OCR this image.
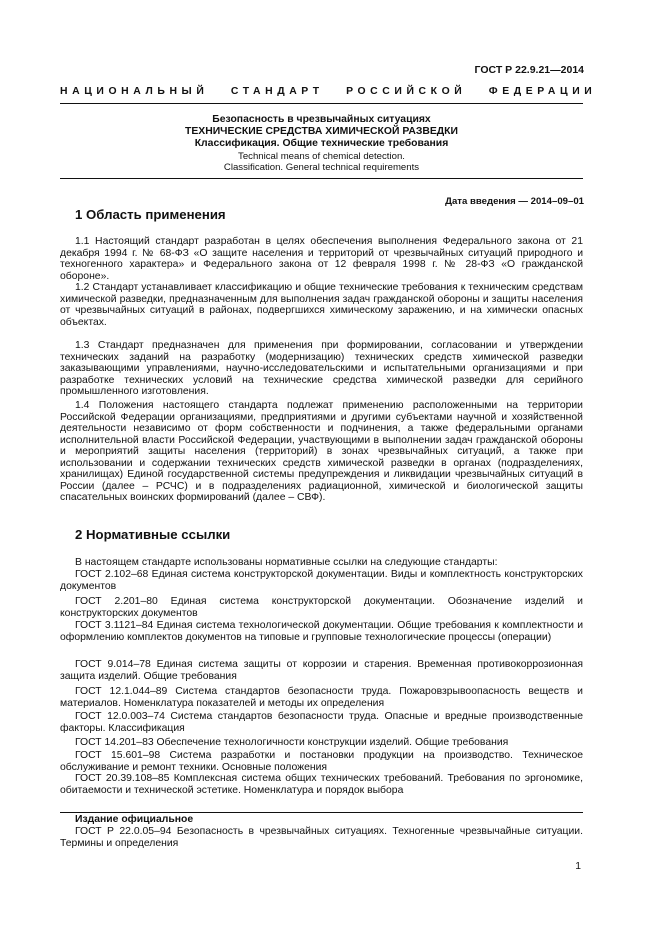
ГОСТ Р 22.9.21—2014
НАЦИОНАЛЬНЫЙ   СТАНДАРТ   РОССИЙСКОЙ   ФЕДЕРАЦИИ
Безопасность в чрезвычайных ситуациях
ТЕХНИЧЕСКИЕ СРЕДСТВА ХИМИЧЕСКОЙ РАЗВЕДКИ
Классификация. Общие технические требования
Technical means of chemical detection.
Classification. General technical requirements
Дата введения — 2014–09–01
1 Область применения

1.1 Настоящий стандарт разработан в целях обеспечения выполнения Федерального закона от 21 декабря 1994 г. № 68-ФЗ «О защите населения и территорий от чрезвычайных ситуаций природного и техногенного характера» и Федерального закона от 12 февраля 1998 г. № 28-ФЗ «О гражданской обороне».

1.2 Стандарт устанавливает классификацию и общие технические требования к техническим средствам химической разведки, предназначенным для выполнения задач гражданской обороны и защиты населения от чрезвычайных ситуаций в районах, подвергшихся химическому заражению, и на химически опасных объектах.

1.3 Стандарт предназначен для применения при формировании, согласовании и утверждении технических заданий на разработку (модернизацию) технических средств химической разведки заказывающими управлениями, научно-исследовательскими и испытательными организациями и при разработке технических условий на технические средства химической разведки для серийного промышленного изготовления.

1.4 Положения настоящего стандарта подлежат применению расположенными на территории Российской Федерации организациями, предприятиями и другими субъектами научной и хозяйственной деятельности независимо от форм собственности и подчинения, а также федеральными органами исполнительной власти Российской Федерации, участвующими в выполнении задач гражданской обороны и мероприятий защиты населения (территорий) в зонах чрезвычайных ситуаций, а также при использовании и содержании технических средств химической разведки в органах (подразделениях, хранилищах) Единой государственной системы предупреждения и ликвидации чрезвычайных ситуаций в России (далее – РСЧС) и в подразделениях радиационной, химической и биологической защиты спасательных воинских формирований (далее – СВФ).

2 Нормативные ссылки

В настоящем стандарте использованы нормативные ссылки на следующие стандарты:

ГОСТ 2.102–68 Единая система конструкторской документации. Виды и комплектность конструкторских документов

ГОСТ 2.201–80 Единая система конструкторской документации. Обозначение изделий и конструкторских документов

ГОСТ 3.1121–84 Единая система технологической документации. Общие требования к комплектности и оформлению комплектов документов на типовые и групповые технологические процессы (операции)

ГОСТ 9.014–78 Единая система защиты от коррозии и старения. Временная противокоррозионная защита изделий. Общие требования

ГОСТ 12.1.044–89 Система стандартов безопасности труда. Пожаровзрывоопасность веществ и материалов. Номенклатура показателей и методы их определения

ГОСТ 12.0.003–74 Система стандартов безопасности труда. Опасные и вредные производственные факторы. Классификация

ГОСТ 14.201–83 Обеспечение технологичности конструкции изделий. Общие требования

ГОСТ 15.601–98 Система разработки и постановки продукции на производство. Техническое обслуживание и ремонт техники. Основные положения

ГОСТ 20.39.108–85 Комплексная система общих технических требований. Требования по эргономике, обитаемости и технической эстетике. Номенклатура и порядок выбора

Издание официальное

ГОСТ Р 22.0.05–94 Безопасность в чрезвычайных ситуациях. Техногенные чрезвычайные ситуации. Термины и определения

1
